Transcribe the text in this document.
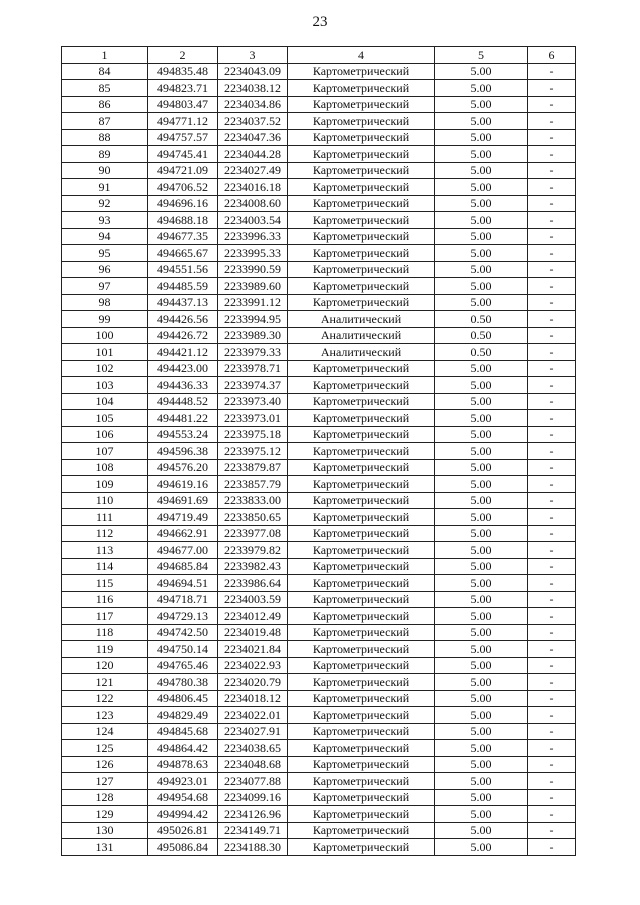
23
1	2	3	4	5	6
84	494835.48	2234043.09	Картометрический	5.00	-
85	494823.71	2234038.12	Картометрический	5.00	-
86	494803.47	2234034.86	Картометрический	5.00	-
87	494771.12	2234037.52	Картометрический	5.00	-
88	494757.57	2234047.36	Картометрический	5.00	-
89	494745.41	2234044.28	Картометрический	5.00	-
90	494721.09	2234027.49	Картометрический	5.00	-
91	494706.52	2234016.18	Картометрический	5.00	-
92	494696.16	2234008.60	Картометрический	5.00	-
93	494688.18	2234003.54	Картометрический	5.00	-
94	494677.35	2233996.33	Картометрический	5.00	-
95	494665.67	2233995.33	Картометрический	5.00	-
96	494551.56	2233990.59	Картометрический	5.00	-
97	494485.59	2233989.60	Картометрический	5.00	-
98	494437.13	2233991.12	Картометрический	5.00	-
99	494426.56	2233994.95	Аналитический	0.50	-
100	494426.72	2233989.30	Аналитический	0.50	-
101	494421.12	2233979.33	Аналитический	0.50	-
102	494423.00	2233978.71	Картометрический	5.00	-
103	494436.33	2233974.37	Картометрический	5.00	-
104	494448.52	2233973.40	Картометрический	5.00	-
105	494481.22	2233973.01	Картометрический	5.00	-
106	494553.24	2233975.18	Картометрический	5.00	-
107	494596.38	2233975.12	Картометрический	5.00	-
108	494576.20	2233879.87	Картометрический	5.00	-
109	494619.16	2233857.79	Картометрический	5.00	-
110	494691.69	2233833.00	Картометрический	5.00	-
111	494719.49	2233850.65	Картометрический	5.00	-
112	494662.91	2233977.08	Картометрический	5.00	-
113	494677.00	2233979.82	Картометрический	5.00	-
114	494685.84	2233982.43	Картометрический	5.00	-
115	494694.51	2233986.64	Картометрический	5.00	-
116	494718.71	2234003.59	Картометрический	5.00	-
117	494729.13	2234012.49	Картометрический	5.00	-
118	494742.50	2234019.48	Картометрический	5.00	-
119	494750.14	2234021.84	Картометрический	5.00	-
120	494765.46	2234022.93	Картометрический	5.00	-
121	494780.38	2234020.79	Картометрический	5.00	-
122	494806.45	2234018.12	Картометрический	5.00	-
123	494829.49	2234022.01	Картометрический	5.00	-
124	494845.68	2234027.91	Картометрический	5.00	-
125	494864.42	2234038.65	Картометрический	5.00	-
126	494878.63	2234048.68	Картометрический	5.00	-
127	494923.01	2234077.88	Картометрический	5.00	-
128	494954.68	2234099.16	Картометрический	5.00	-
129	494994.42	2234126.96	Картометрический	5.00	-
130	495026.81	2234149.71	Картометрический	5.00	-
131	495086.84	2234188.30	Картометрический	5.00	-
